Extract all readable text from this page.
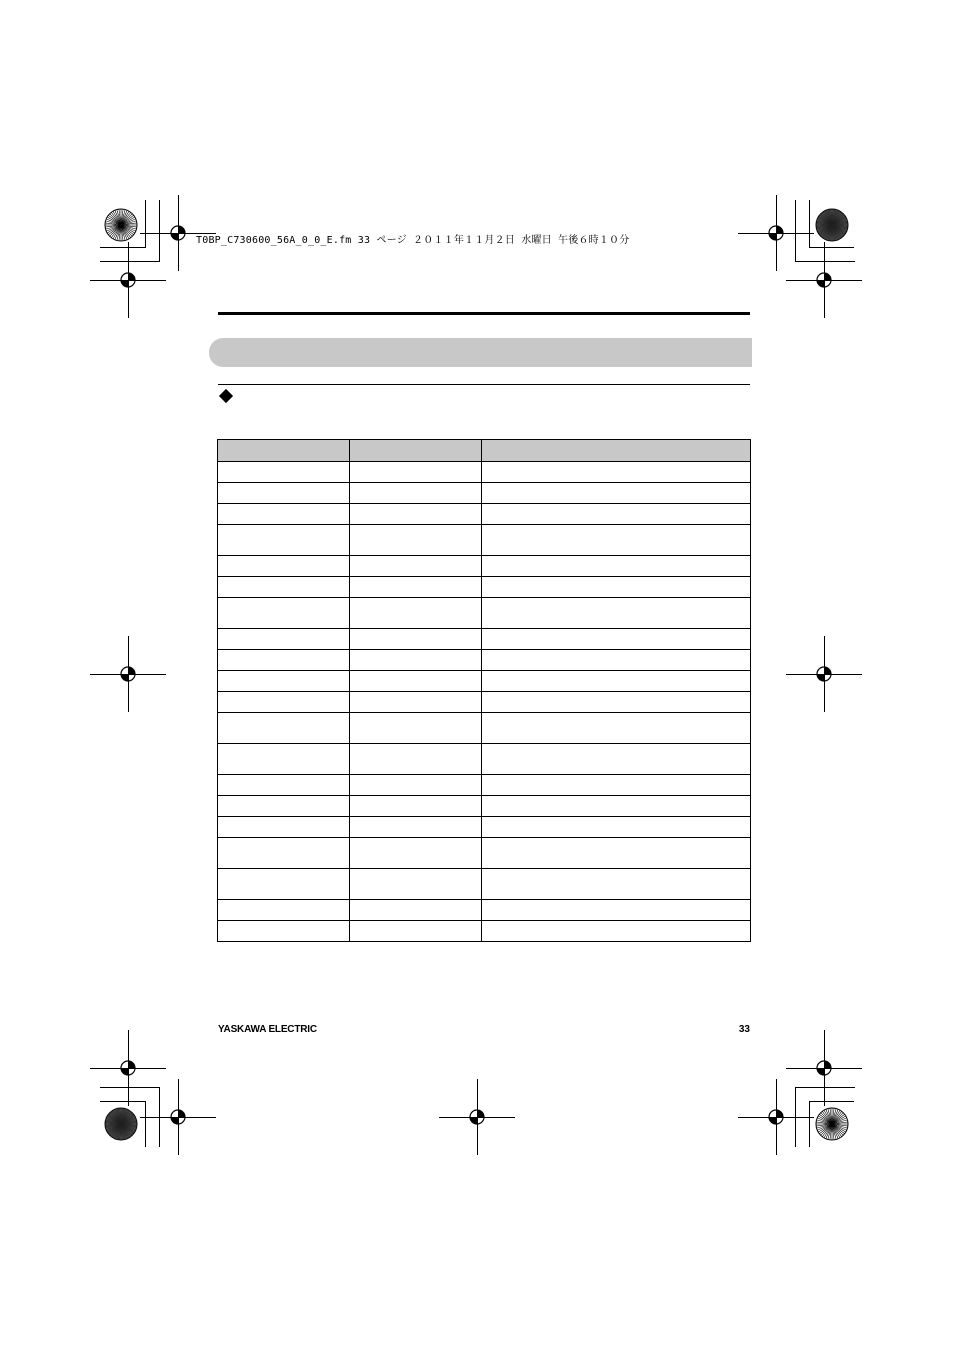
T0BP_C730600_56A_0_0_E.fm 33 ページ ２０１１年１１月２日 水曜日 午後６時１０分

YASKAWA ELECTRIC	33
